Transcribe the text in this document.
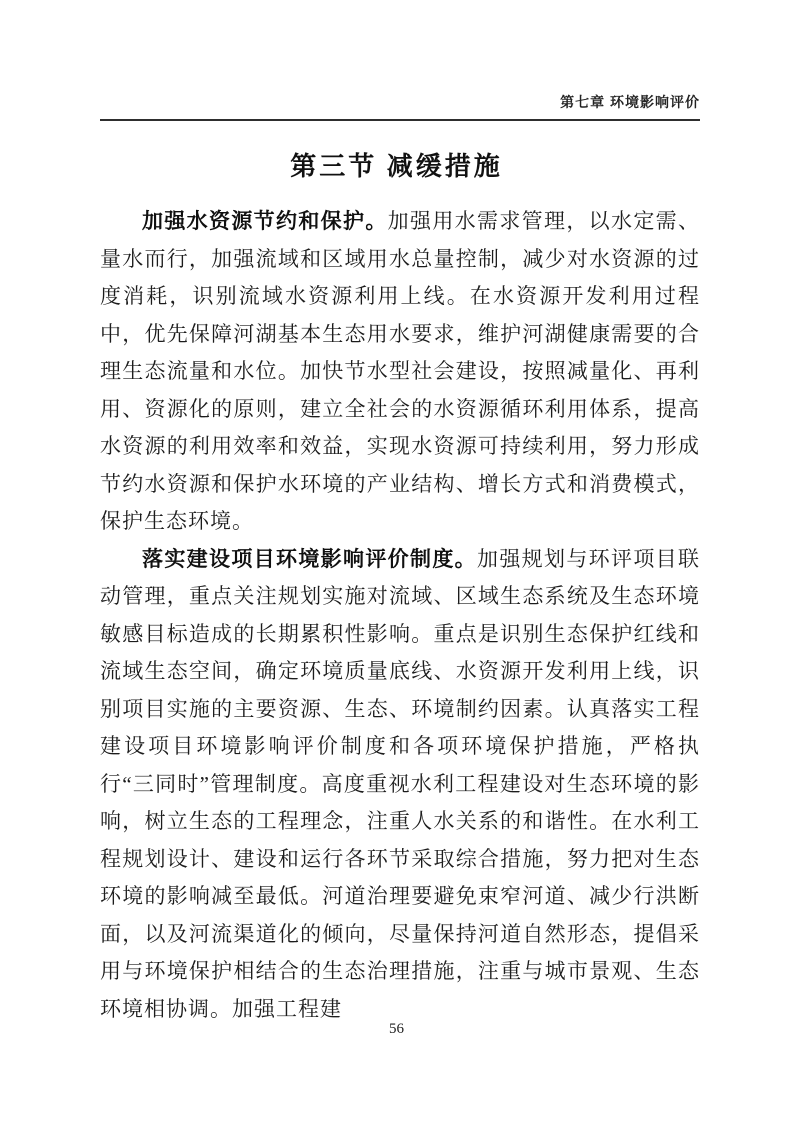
第七章 环境影响评价
第三节 减缓措施

加强水资源节约和保护。加强用水需求管理，以水定需、量水而行，加强流域和区域用水总量控制，减少对水资源的过度消耗，识别流域水资源利用上线。在水资源开发利用过程中，优先保障河湖基本生态用水要求，维护河湖健康需要的合理生态流量和水位。加快节水型社会建设，按照减量化、再利用、资源化的原则，建立全社会的水资源循环利用体系，提高水资源的利用效率和效益，实现水资源可持续利用，努力形成节约水资源和保护水环境的产业结构、增长方式和消费模式，保护生态环境。

落实建设项目环境影响评价制度。加强规划与环评项目联动管理，重点关注规划实施对流域、区域生态系统及生态环境敏感目标造成的长期累积性影响。重点是识别生态保护红线和流域生态空间，确定环境质量底线、水资源开发利用上线，识别项目实施的主要资源、生态、环境制约因素。认真落实工程建设项目环境影响评价制度和各项环境保护措施，严格执行“三同时”管理制度。高度重视水利工程建设对生态环境的影响，树立生态的工程理念，注重人水关系的和谐性。在水利工程规划设计、建设和运行各环节采取综合措施，努力把对生态环境的影响减至最低。河道治理要避免束窄河道、减少行洪断面，以及河流渠道化的倾向，尽量保持河道自然形态，提倡采用与环境保护相结合的生态治理措施，注重与城市景观、生态环境相协调。加强工程建

56
